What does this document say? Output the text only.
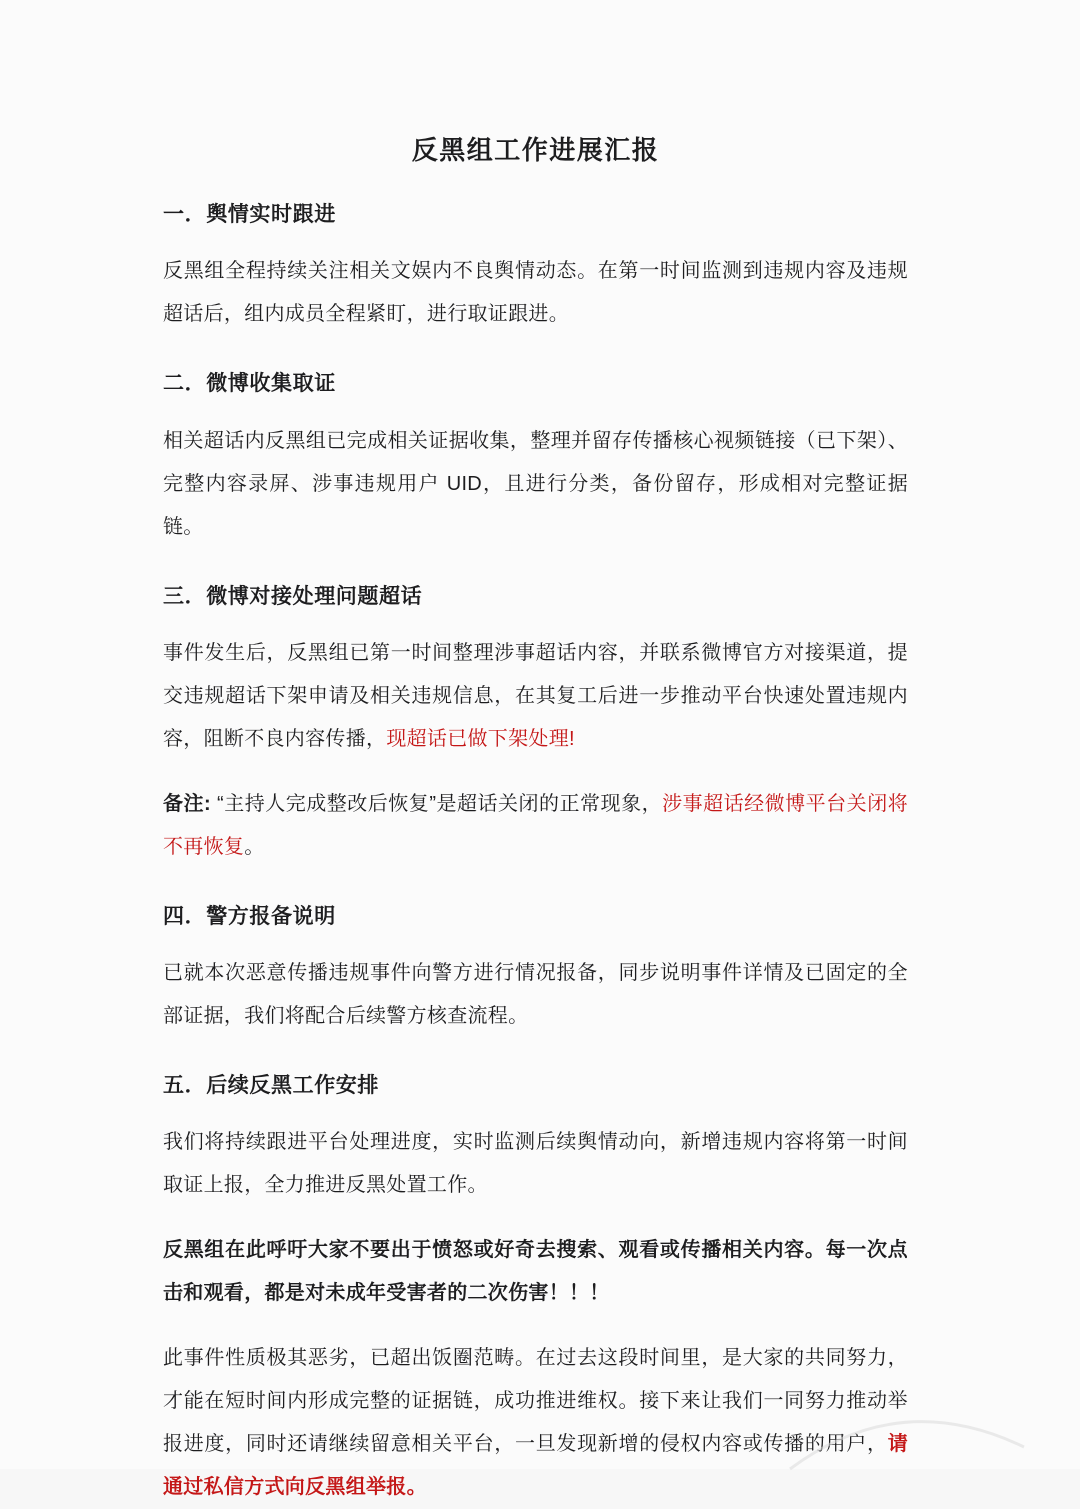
反黑组工作进展汇报
一．舆情实时跟进
反黑组全程持续关注相关文娱内不良舆情动态。在第一时间监测到违规内容及违规超话后，组内成员全程紧盯，进行取证跟进。
二．微博收集取证
相关超话内反黑组已完成相关证据收集，整理并留存传播核心视频链接（已下架）、完整内容录屏、涉事违规用户 UID，且进行分类，备份留存，形成相对完整证据链。
三．微博对接处理问题超话
事件发生后，反黑组已第一时间整理涉事超话内容，并联系微博官方对接渠道，提交违规超话下架申请及相关违规信息，在其复工后进一步推动平台快速处置违规内容，阻断不良内容传播，现超话已做下架处理!
备注: “主持人完成整改后恢复”是超话关闭的正常现象，涉事超话经微博平台关闭将不再恢复。
四．警方报备说明
已就本次恶意传播违规事件向警方进行情况报备，同步说明事件详情及已固定的全部证据，我们将配合后续警方核查流程。
五．后续反黑工作安排
我们将持续跟进平台处理进度，实时监测后续舆情动向，新增违规内容将第一时间取证上报，全力推进反黑处置工作。
反黑组在此呼吁大家不要出于愤怒或好奇去搜索、观看或传播相关内容。每一次点击和观看，都是对未成年受害者的二次伤害！！！
此事件性质极其恶劣，已超出饭圈范畴。在过去这段时间里，是大家的共同努力，才能在短时间内形成完整的证据链，成功推进维权。接下来让我们一同努力推动举报进度，同时还请继续留意相关平台，一旦发现新增的侵权内容或传播的用户，请通过私信方式向反黑组举报。
